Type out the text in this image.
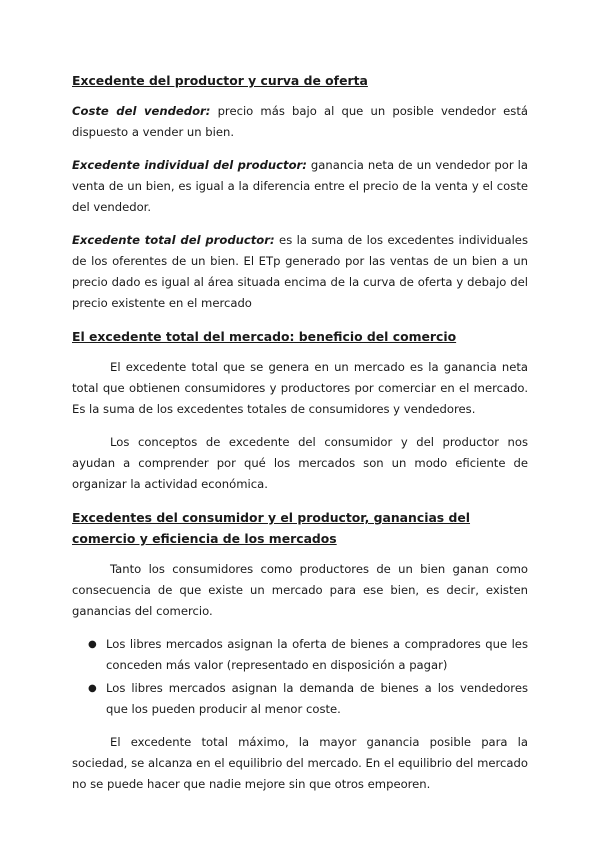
Excedente del productor y curva de oferta

Coste del vendedor: precio más bajo al que un posible vendedor está dispuesto a vender un bien.

Excedente individual del productor: ganancia neta de un vendedor por la venta de un bien, es igual a la diferencia entre el precio de la venta y el coste del vendedor.

Excedente total del productor: es la suma de los excedentes individuales de los oferentes de un bien. El ETp generado por las ventas de un bien a un precio dado es igual al área situada encima de la curva de oferta y debajo del precio existente en el mercado

El excedente total del mercado: beneficio del comercio

El excedente total que se genera en un mercado es la ganancia neta total que obtienen consumidores y productores por comerciar en el mercado. Es la suma de los excedentes totales de consumidores y vendedores.

Los conceptos de excedente del consumidor y del productor nos ayudan a comprender por qué los mercados son un modo eficiente de organizar la actividad económica.

Excedentes del consumidor y el productor, ganancias del comercio y eficiencia de los mercados

Tanto los consumidores como productores de un bien ganan como consecuencia de que existe un mercado para ese bien, es decir, existen ganancias del comercio.

● Los libres mercados asignan la oferta de bienes a compradores que les conceden más valor (representado en disposición a pagar)
● Los libres mercados asignan la demanda de bienes a los vendedores que los pueden producir al menor coste.

El excedente total máximo, la mayor ganancia posible para la sociedad, se alcanza en el equilibrio del mercado. En el equilibrio del mercado no se puede hacer que nadie mejore sin que otros empeoren.
